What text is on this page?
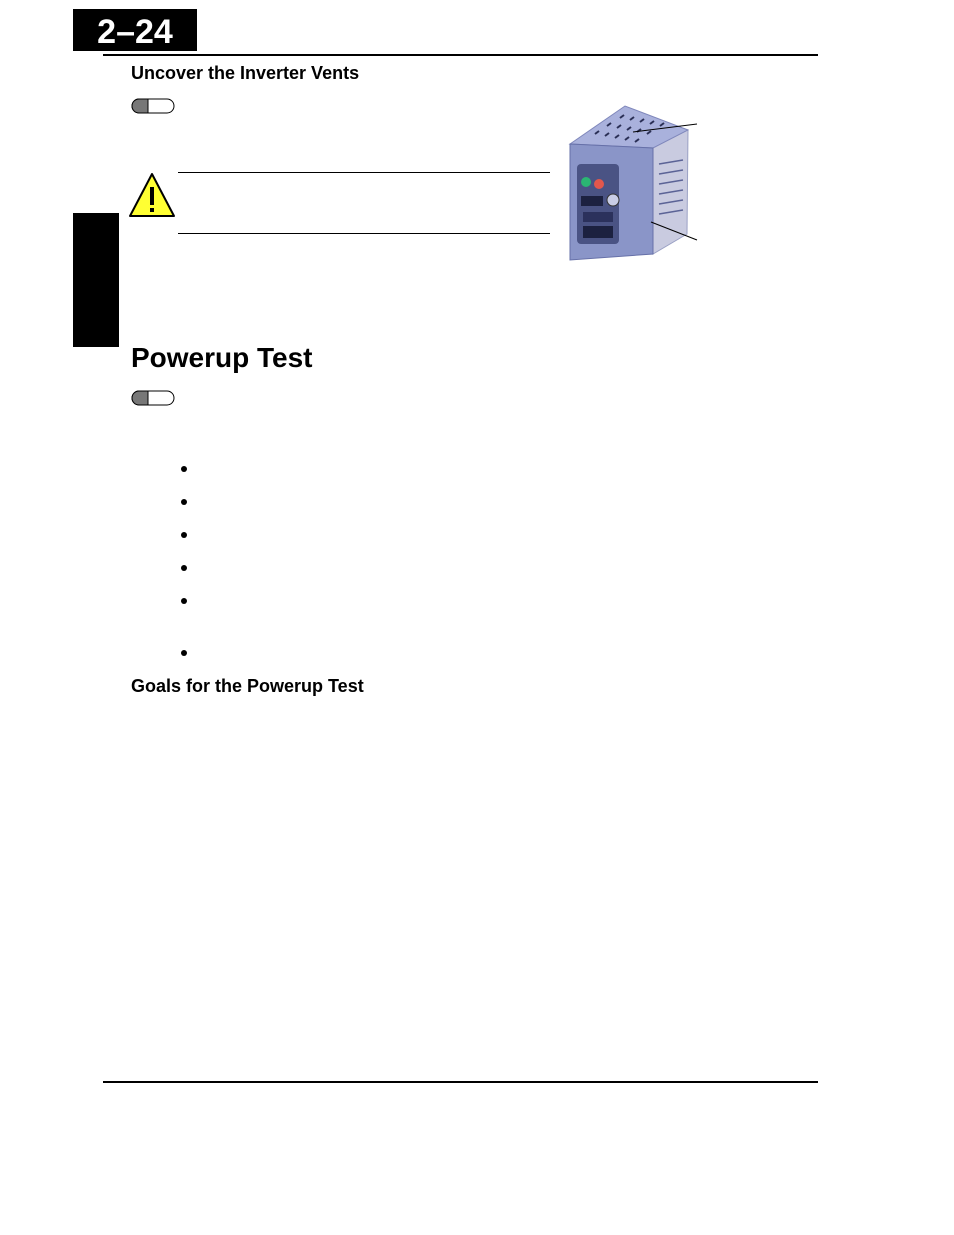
2–24
Uncover the Inverter Vents
Powerup Test
Goals for the Powerup Test
